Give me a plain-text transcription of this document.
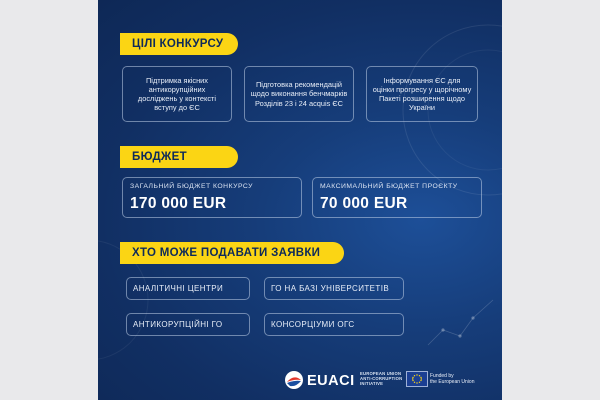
ЦІЛІ КОНКУРСУ
Підтримка якісних антикорупційних досліджень у контексті вступу до ЄС
Підготовка рекомендацій щодо виконання бенчмарків Розділів 23 і 24 acquis ЄС
Інформування ЄС для оцінки прогресу у щорічному Пакеті розширення щодо України
БЮДЖЕТ
ЗАГАЛЬНИЙ БЮДЖЕТ КОНКУРСУ
170 000 EUR
МАКСИМАЛЬНИЙ БЮДЖЕТ ПРОЄКТУ
70 000 EUR
ХТО МОЖЕ ПОДАВАТИ ЗАЯВКИ
АНАЛІТИЧНІ ЦЕНТРИ	ГО НА БАЗІ УНІВЕРСИТЕТІВ
АНТИКОРУПЦІЙНІ ГО	КОНСОРЦІУМИ ОГС
EUACI EUROPEAN UNION
ANTI-CORRUPTION
INITIATIVE
Funded by
the European Union
